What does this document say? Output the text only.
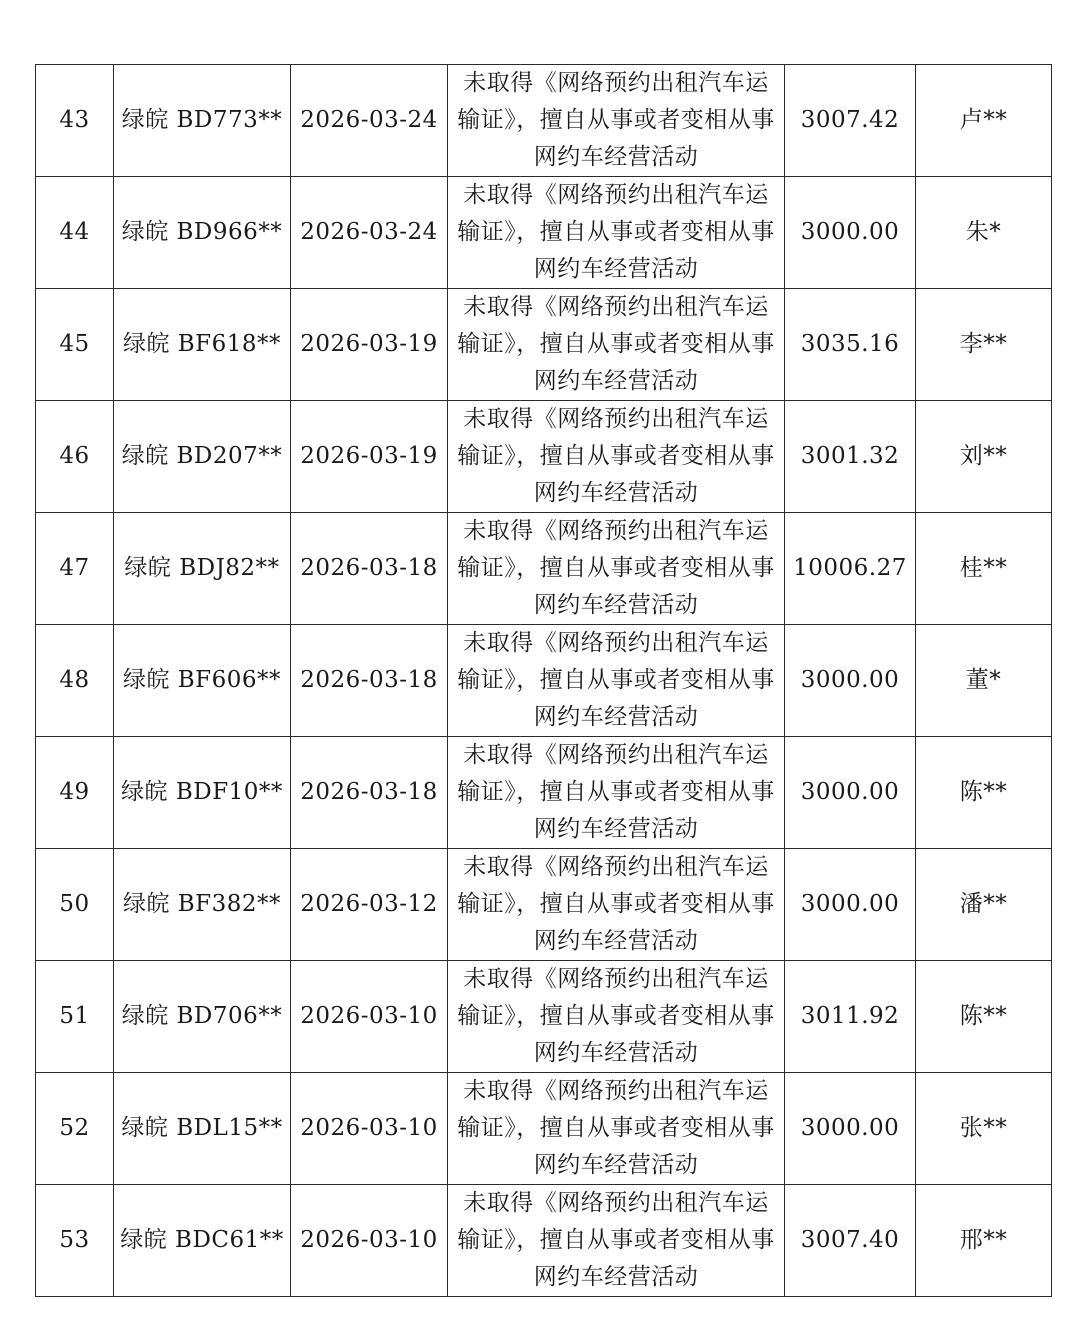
43	绿皖 BD773**	2026-03-24	未取得《网络预约出租汽车运输证》，擅自从事或者变相从事网约车经营活动	3007.42	卢**
44	绿皖 BD966**	2026-03-24	未取得《网络预约出租汽车运输证》，擅自从事或者变相从事网约车经营活动	3000.00	朱*
45	绿皖 BF618**	2026-03-19	未取得《网络预约出租汽车运输证》，擅自从事或者变相从事网约车经营活动	3035.16	李**
46	绿皖 BD207**	2026-03-19	未取得《网络预约出租汽车运输证》，擅自从事或者变相从事网约车经营活动	3001.32	刘**
47	绿皖 BDJ82**	2026-03-18	未取得《网络预约出租汽车运输证》，擅自从事或者变相从事网约车经营活动	10006.27	桂**
48	绿皖 BF606**	2026-03-18	未取得《网络预约出租汽车运输证》，擅自从事或者变相从事网约车经营活动	3000.00	董*
49	绿皖 BDF10**	2026-03-18	未取得《网络预约出租汽车运输证》，擅自从事或者变相从事网约车经营活动	3000.00	陈**
50	绿皖 BF382**	2026-03-12	未取得《网络预约出租汽车运输证》，擅自从事或者变相从事网约车经营活动	3000.00	潘**
51	绿皖 BD706**	2026-03-10	未取得《网络预约出租汽车运输证》，擅自从事或者变相从事网约车经营活动	3011.92	陈**
52	绿皖 BDL15**	2026-03-10	未取得《网络预约出租汽车运输证》，擅自从事或者变相从事网约车经营活动	3000.00	张**
53	绿皖 BDC61**	2026-03-10	未取得《网络预约出租汽车运输证》，擅自从事或者变相从事网约车经营活动	3007.40	邢**
